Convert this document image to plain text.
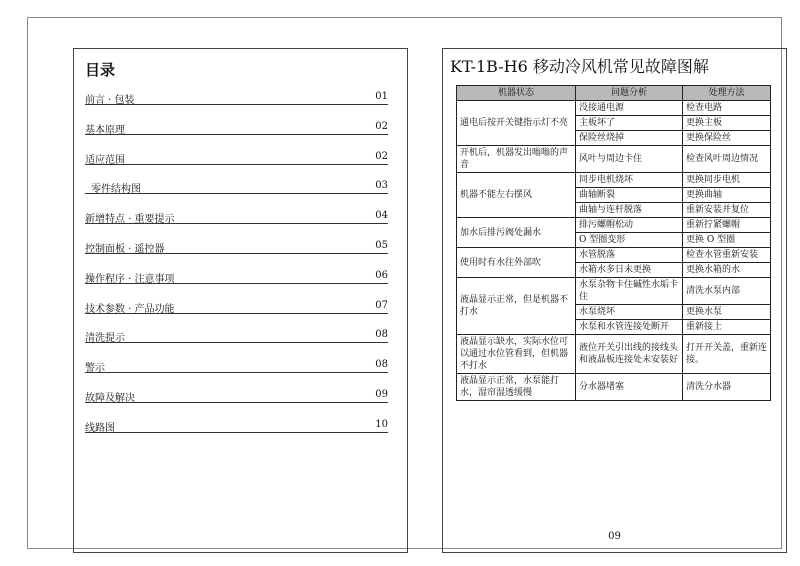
目录
前言 · 包装	01
基本原理	02
适应范围	02
零件结构图	03
新增特点 · 重要提示	04
控制面板 · 遥控器	05
操作程序 · 注意事项	06
技术参数 · 产品功能	07
清洗提示	08
警示	08
故障及解决	09
线路图	10
KT-1B-H6 移动冷风机常见故障图解
机器状态	问题分析	处理方法
通电后按开关键指示灯不亮	没接通电源	检查电路
	主板坏了	更换主板
	保险丝烧掉	更换保险丝
开机后，机器发出嗡嗡的声音	风叶与周边卡住	检查风叶周边情况
机器不能左右摆风	同步电机烧坏	更换同步电机
	曲轴断裂	更换曲轴
	曲轴与连杆脱落	重新安装并复位
加水后排污阀处漏水	排污螺帽松动	重新拧紧螺帽
	O 型圈变形	更换 O 型圈
使用时有水往外部吹	水管脱落	检查水管重新安装
	水箱水多日未更换	更换水箱的水
液晶显示正常，但是机器不打水	水泵杂物卡住碱性水垢卡住	清洗水泵内部
	水泵烧坏	更换水泵
	水泵和水管连接处断开	重新接上
液晶显示缺水，实际水位可以通过水位管看到，但机器不打水	液位开关引出线的接线头和液晶板连接处未安装好	打开开关盖，重新连接。
液晶显示正常，水泵能打水，湿帘湿透缓慢	分水器堵塞	清洗分水器
09
